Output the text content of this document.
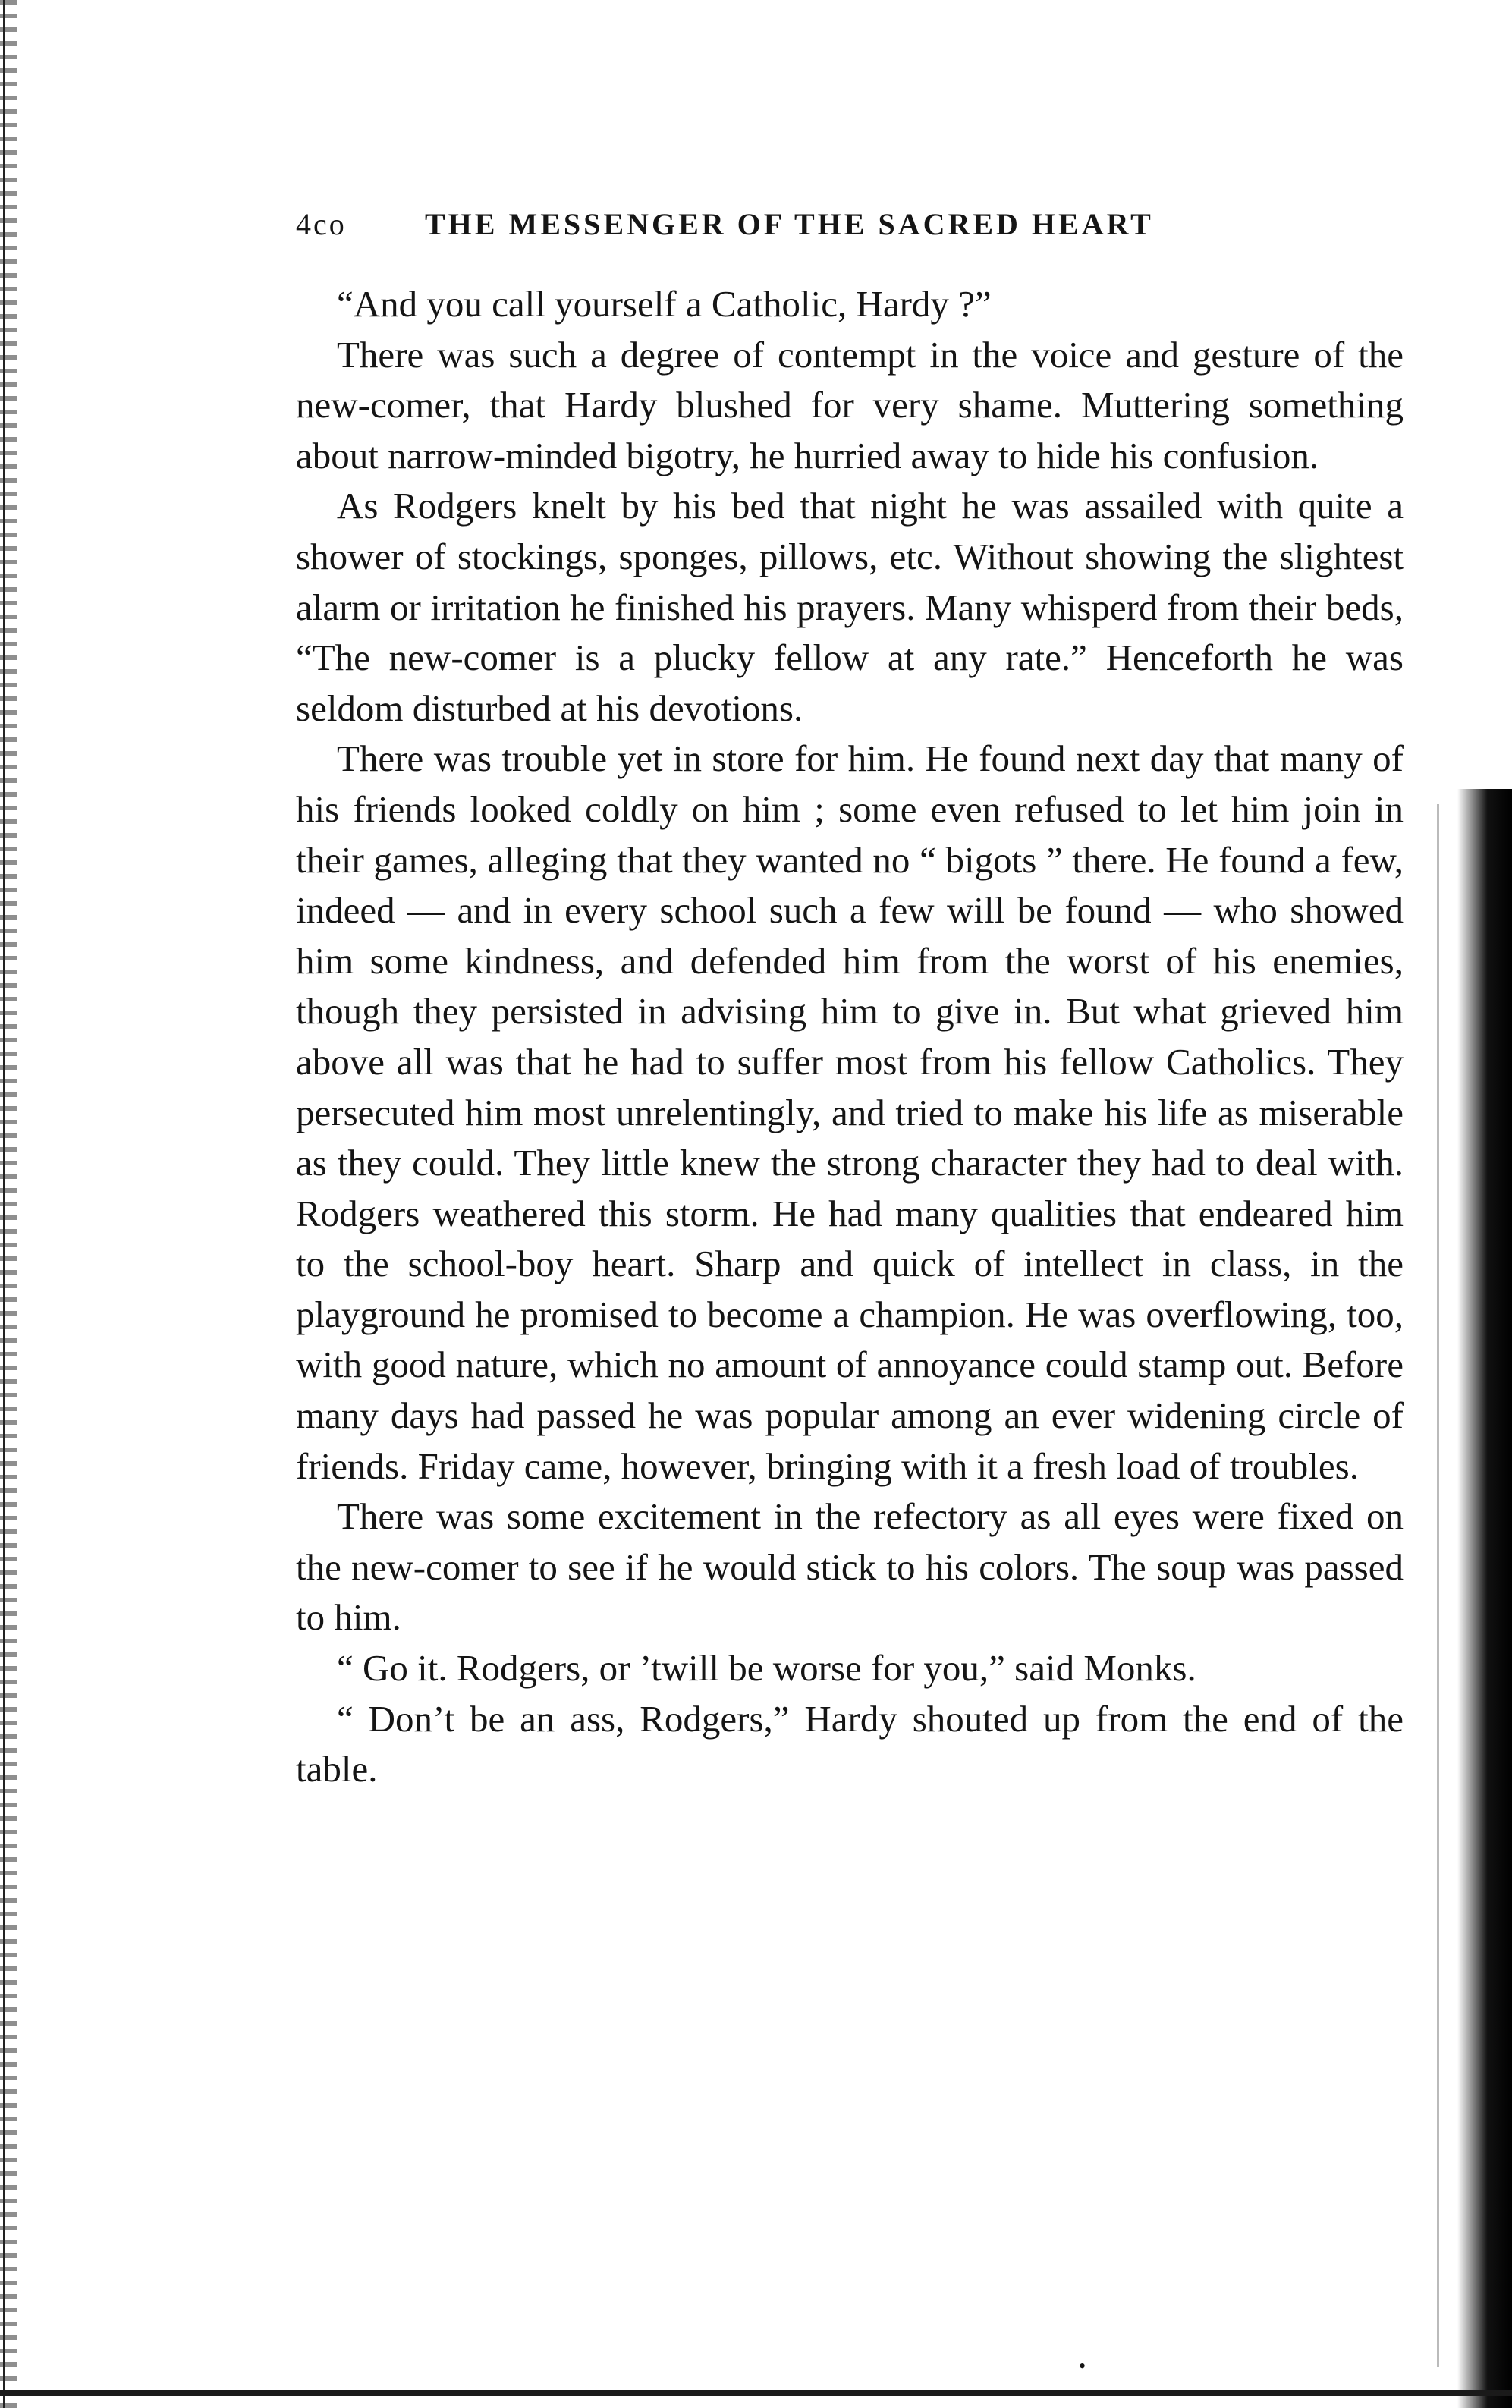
4co	THE MESSENGER OF THE SACRED HEART

“And you call yourself a Catholic, Hardy ?”

There was such a degree of contempt in the voice and gesture of the new-comer, that Hardy blushed for very shame. Muttering something about narrow-minded bigotry, he hurried away to hide his confusion.

As Rodgers knelt by his bed that night he was assailed with quite a shower of stockings, sponges, pillows, etc. Without showing the slightest alarm or irritation he finished his prayers. Many whisperd from their beds, “The new-comer is a plucky fellow at any rate.” Henceforth he was seldom disturbed at his devotions.

There was trouble yet in store for him. He found next day that many of his friends looked coldly on him ; some even refused to let him join in their games, alleging that they wanted no “ bigots ” there. He found a few, indeed — and in every school such a few will be found — who showed him some kindness, and defended him from the worst of his enemies, though they persisted in advising him to give in. But what grieved him above all was that he had to suffer most from his fellow Catholics. They persecuted him most unrelentingly, and tried to make his life as miserable as they could. They little knew the strong character they had to deal with. Rodgers weathered this storm. He had many qualities that endeared him to the school-boy heart. Sharp and quick of intellect in class, in the playground he promised to become a champion. He was overflowing, too, with good nature, which no amount of annoyance could stamp out. Before many days had passed he was popular among an ever widening circle of friends. Friday came, however, bringing with it a fresh load of troubles.

There was some excitement in the refectory as all eyes were fixed on the new-comer to see if he would stick to his colors. The soup was passed to him.

“ Go it. Rodgers, or ’twill be worse for you,” said Monks.

“ Don’t be an ass, Rodgers,” Hardy shouted up from the end of the table.

•
